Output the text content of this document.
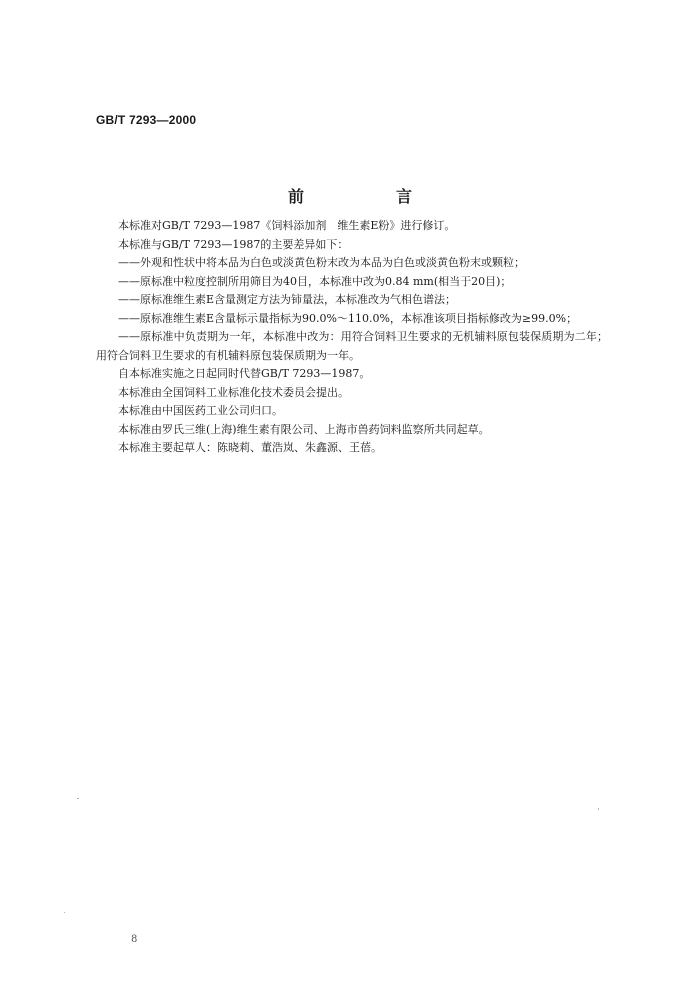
GB/T 7293—2000
前　言

本标准对GB/T 7293—1987《饲料添加剂　维生素E粉》进行修订。

本标准与GB/T 7293—1987的主要差异如下：

——外观和性状中将本品为白色或淡黄色粉末改为本品为白色或淡黄色粉末或颗粒；

——原标准中粒度控制所用筛目为40目，本标准中改为0.84 mm(相当于20目)；

——原标准维生素E含量测定方法为铈量法，本标准改为气相色谱法；

——原标准维生素E含量标示量指标为90.0%～110.0%，本标准该项目指标修改为≥99.0%；

——原标准中负责期为一年，本标准中改为：用符合饲料卫生要求的无机辅料原包装保质期为二年；用符合饲料卫生要求的有机辅料原包装保质期为一年。

自本标准实施之日起同时代替GB/T 7293—1987。

本标准由全国饲料工业标准化技术委员会提出。

本标准由中国医药工业公司归口。

本标准由罗氏三维(上海)维生素有限公司、上海市兽药饲料监察所共同起草。

本标准主要起草人：陈晓莉、董浩岚、朱鑫源、王蓓。

8
